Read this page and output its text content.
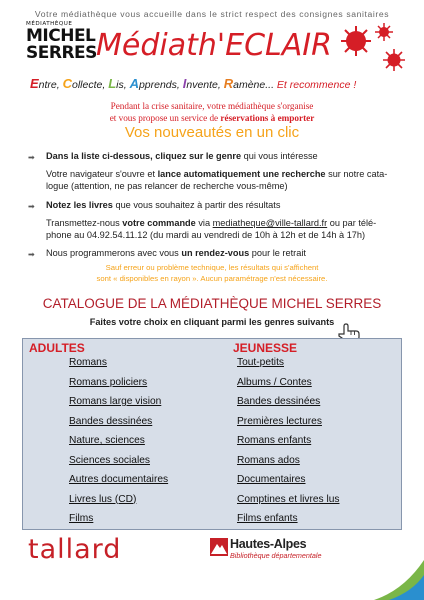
Votre médiathèque vous accueille dans le strict respect des consignes sanitaires
MÉDIATHÈQUE
MICHEL
SERRES Médiath'ECLAIR
Entre, Collecte, Lis, Apprends, Invente, Ramène... Et recommence !
Pendant la crise sanitaire, votre médiathèque s'organise
et vous propose un service de réservations à emporter
Vos nouveautés en un clic
➡ Dans la liste ci-dessous, cliquez sur le genre qui vous intéresse
Votre navigateur s'ouvre et lance automatiquement une recherche sur notre cata-
logue (attention, ne pas relancer de recherche vous-même)
➡ Notez les livres que vous souhaitez à partir des résultats
Transmettez-nous votre commande via mediatheque@ville-tallard.fr ou par télé-
phone au 04.92.54.11.12 (du mardi au vendredi de 10h à 12h et de 14h à 17h)
➡ Nous programmerons avec vous un rendez-vous pour le retrait
Sauf erreur ou problème technique, les résultats qui s'affichent
sont « disponibles en rayon ». Aucun paramétrage n'est nécessaire.
CATALOGUE DE LA MÉDIATHÈQUE MICHEL SERRES
Faites votre choix en cliquant parmi les genres suivants
ADULTES
Romans
Romans policiers
Romans large vision
Bandes dessinées
Nature, sciences
Sciences sociales
Autres documentaires
Livres lus (CD)
Films
JEUNESSE
Tout-petits
Albums / Contes
Bandes dessinées
Premières lectures
Romans enfants
Romans ados
Documentaires
Comptines et livres lus
Films enfants
tallard	Hautes-Alpes
Bibliothèque départementale
